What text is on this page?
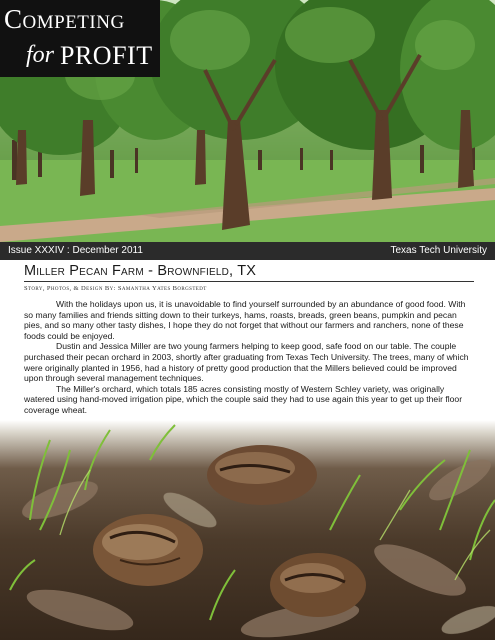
Competing
for PROFIT
Issue XXXIV : December 2011	Texas Tech University
Miller Pecan Farm - Brownfield, TX
Story, Photos, & Design By: Samantha Yates Borgstedt

With the holidays upon us, it is unavoidable to find yourself surrounded by an abundance of good food. With so many families and friends sitting down to their turkeys, hams, roasts, breads, green beans, pumpkin and pecan pies, and so many other tasty dishes, I hope they do not forget that without our farmers and ranchers, none of these foods could be enjoyed.

Dustin and Jessica Miller are two young farmers helping to keep good, safe food on our table. The couple purchased their pecan orchard in 2003, shortly after graduating from Texas Tech University. The trees, many of which were originally planted in 1956, had a history of pretty good production that the Millers believed could be improved upon through several management techniques.

The Miller's orchard, which totals 185 acres consisting mostly of Western Schley variety, was originally watered using hand-moved irrigation pipe, which the couple said they had to use again this year to get up their floor coverage wheat.
